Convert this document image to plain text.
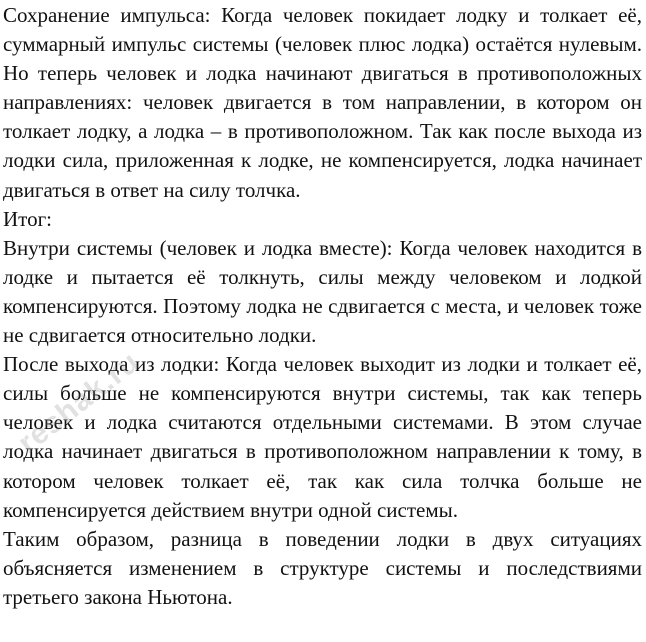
Сохранение импульса: Когда человек покидает лодку и толкает её, суммарный импульс системы (человек плюс лодка) остаётся нулевым. Но теперь человек и лодка начинают двигаться в противоположных направлениях: человек двигается в том направлении, в котором он толкает лодку, а лодка – в противоположном. Так как после выхода из лодки сила, приложенная к лодке, не компенсируется, лодка начинает двигаться в ответ на силу толчка.

Итог:

Внутри системы (человек и лодка вместе): Когда человек находится в лодке и пытается её толкнуть, силы между человеком и лодкой компенсируются. Поэтому лодка не сдвигается с места, и человек тоже не сдвигается относительно лодки.

После выхода из лодки: Когда человек выходит из лодки и толкает её, силы больше не компенсируются внутри системы, так как теперь человек и лодка считаются отдельными системами. В этом случае лодка начинает двигаться в противоположном направлении к тому, в котором человек толкает её, так как сила толчка больше не компенсируется действием внутри одной системы.

Таким образом, разница в поведении лодки в двух ситуациях объясняется изменением в структуре системы и последствиями третьего закона Ньютона.

reshak.ru
